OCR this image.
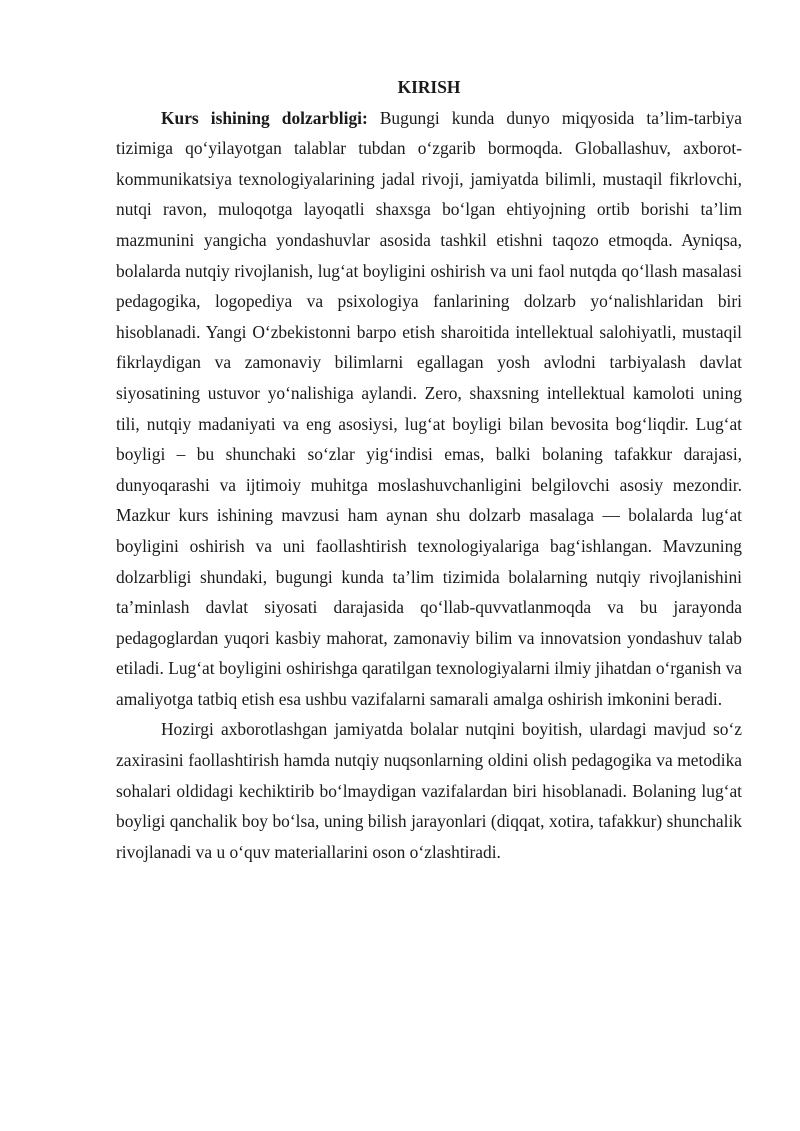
KIRISH

Kurs ishining dolzarbligi: Bugungi kunda dunyo miqyosida ta’lim-tarbiya tizimiga qo‘yilayotgan talablar tubdan o‘zgarib bormoqda. Globallashuv, axborot-kommunikatsiya texnologiyalarining jadal rivoji, jamiyatda bilimli, mustaqil fikrlovchi, nutqi ravon, muloqotga layoqatli shaxsga bo‘lgan ehtiyojning ortib borishi ta’lim mazmunini yangicha yondashuvlar asosida tashkil etishni taqozo etmoqda. Ayniqsa, bolalarda nutqiy rivojlanish, lug‘at boyligini oshirish va uni faol nutqda qo‘llash masalasi pedagogika, logopediya va psixologiya fanlarining dolzarb yo‘nalishlaridan biri hisoblanadi. Yangi O‘zbekistonni barpo etish sharoitida intellektual salohiyatli, mustaqil fikrlaydigan va zamonaviy bilimlarni egallagan yosh avlodni tarbiyalash davlat siyosatining ustuvor yo‘nalishiga aylandi. Zero, shaxsning intellektual kamoloti uning tili, nutqiy madaniyati va eng asosiysi, lug‘at boyligi bilan bevosita bog‘liqdir. Lug‘at boyligi – bu shunchaki so‘zlar yig‘indisi emas, balki bolaning tafakkur darajasi, dunyoqarashi va ijtimoiy muhitga moslashuvchanligini belgilovchi asosiy mezondir. Mazkur kurs ishining mavzusi ham aynan shu dolzarb masalaga — bolalarda lug‘at boyligini oshirish va uni faollashtirish texnologiyalariga bag‘ishlangan. Mavzuning dolzarbligi shundaki, bugungi kunda ta’lim tizimida bolalarning nutqiy rivojlanishini ta’minlash davlat siyosati darajasida qo‘llab-quvvatlanmoqda va bu jarayonda pedagoglardan yuqori kasbiy mahorat, zamonaviy bilim va innovatsion yondashuv talab etiladi. Lug‘at boyligini oshirishga qaratilgan texnologiyalarni ilmiy jihatdan o‘rganish va amaliyotga tatbiq etish esa ushbu vazifalarni samarali amalga oshirish imkonini beradi.

Hozirgi axborotlashgan jamiyatda bolalar nutqini boyitish, ulardagi mavjud so‘z zaxirasini faollashtirish hamda nutqiy nuqsonlarning oldini olish pedagogika va metodika sohalari oldidagi kechiktirib bo‘lmaydigan vazifalardan biri hisoblanadi. Bolaning lug‘at boyligi qanchalik boy bo‘lsa, uning bilish jarayonlari (diqqat, xotira, tafakkur) shunchalik rivojlanadi va u o‘quv materiallarini oson o‘zlashtiradi.
